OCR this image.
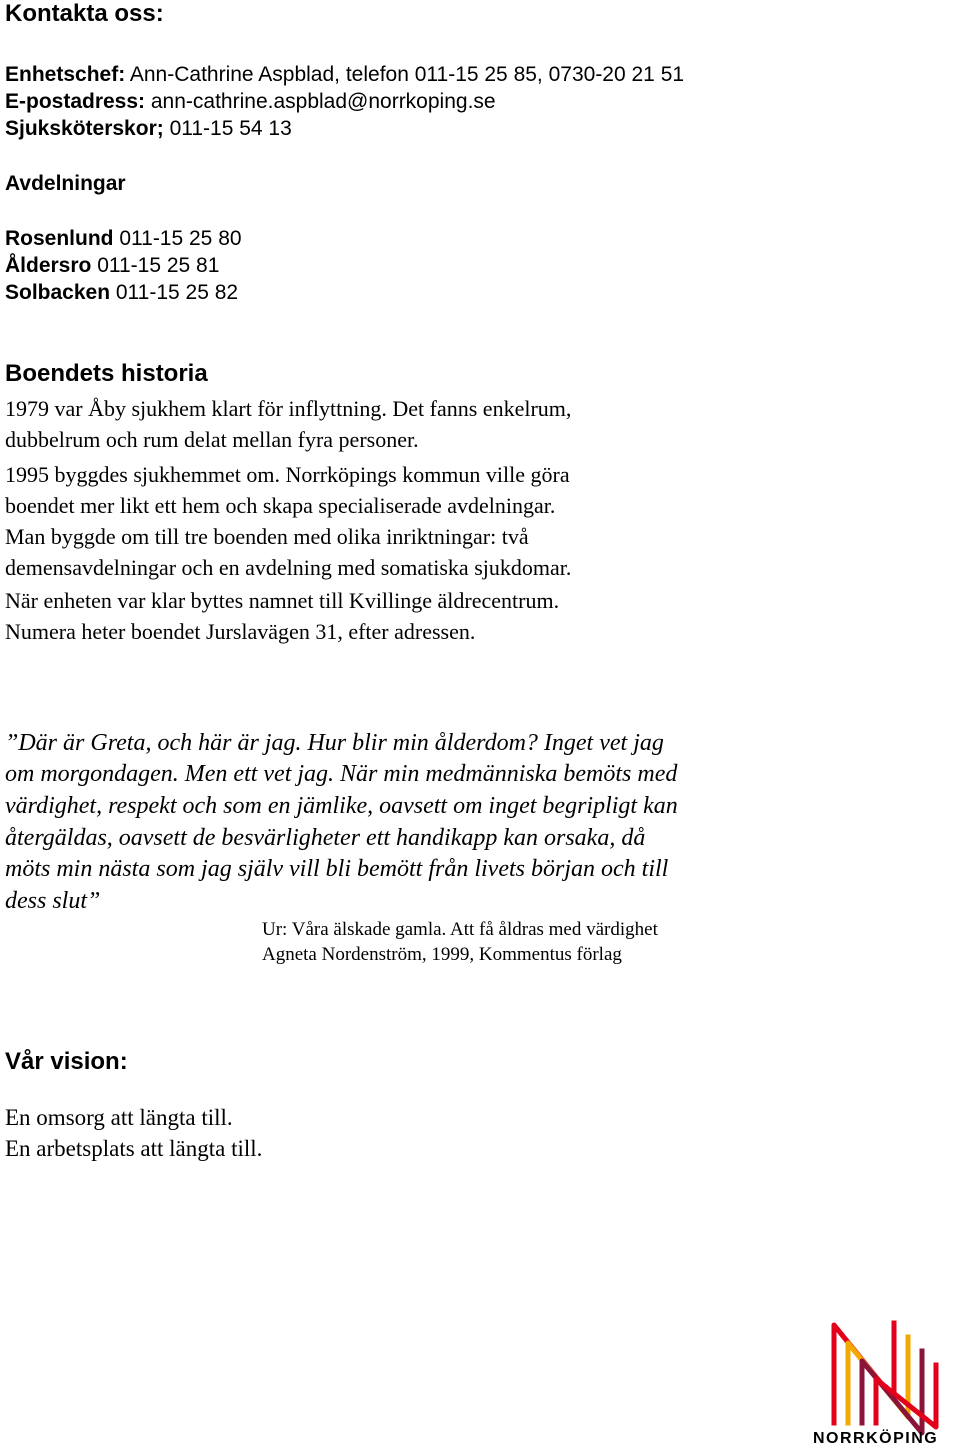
Kontakta oss:
Enhetschef: Ann-Cathrine Aspblad, telefon 011-15 25 85, 0730-20 21 51
E-postadress: ann-cathrine.aspblad@norrkoping.se
Sjuksköterskor; 011-15 54 13
Avdelningar
Rosenlund 011-15 25 80
Åldersro 011-15 25 81
Solbacken 011-15 25 82
Boendets historia
1979 var Åby sjukhem klart för inflyttning. Det fanns enkelrum,
dubbelrum och rum delat mellan fyra personer.
1995 byggdes sjukhemmet om. Norrköpings kommun ville göra
boendet mer likt ett hem och skapa specialiserade avdelningar.
Man byggde om till tre boenden med olika inriktningar: två
demensavdelningar och en avdelning med somatiska sjukdomar.
När enheten var klar byttes namnet till Kvillinge äldrecentrum.
Numera heter boendet Jurslavägen 31, efter adressen.
”Där är Greta, och här är jag. Hur blir min ålderdom? Inget vet jag
om morgondagen. Men ett vet jag. När min medmänniska bemöts med
värdighet, respekt och som en jämlike, oavsett om inget begripligt kan
återgäldas, oavsett de besvärligheter ett handikapp kan orsaka, då
möts min nästa som jag själv vill bli bemött från livets början och till
dess slut”
Ur: Våra älskade gamla. Att få åldras med värdighet
Agneta Nordenström, 1999, Kommentus förlag
Vår vision:
En omsorg att längta till.
En arbetsplats att längta till.
NORRKÖPING
